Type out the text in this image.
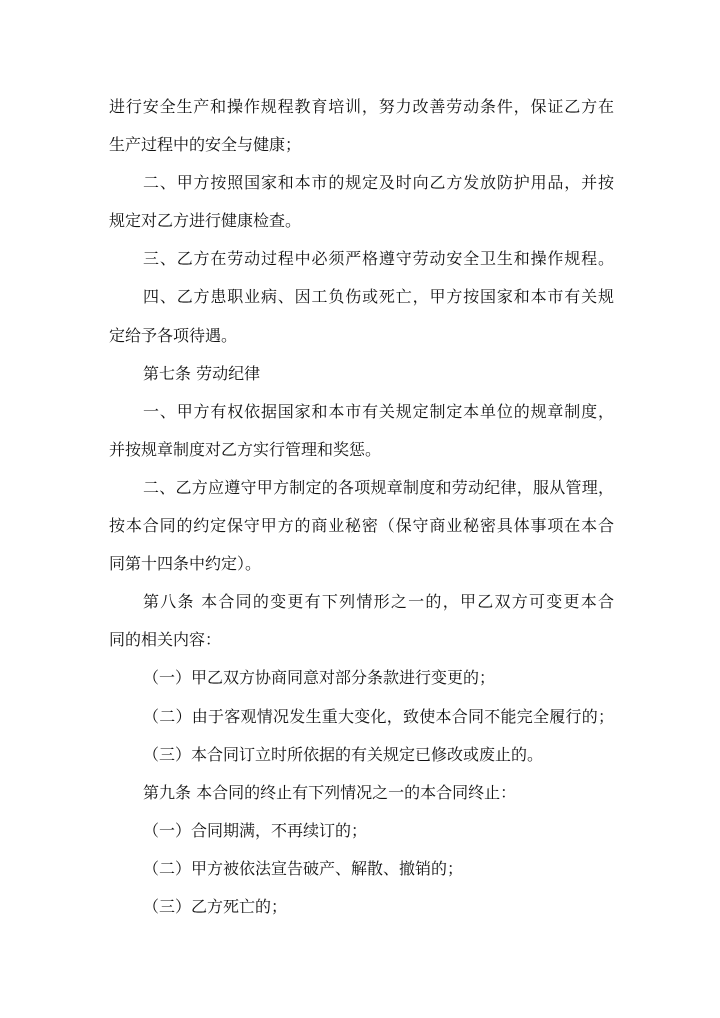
进行安全生产和操作规程教育培训，努力改善劳动条件，保证乙方在
生产过程中的安全与健康；
二、甲方按照国家和本市的规定及时向乙方发放防护用品，并按
规定对乙方进行健康检查。
三、乙方在劳动过程中必须严格遵守劳动安全卫生和操作规程。
四、乙方患职业病、因工负伤或死亡，甲方按国家和本市有关规
定给予各项待遇。
第七条 劳动纪律
一、甲方有权依据国家和本市有关规定制定本单位的规章制度，
并按规章制度对乙方实行管理和奖惩。
二、乙方应遵守甲方制定的各项规章制度和劳动纪律，服从管理，
按本合同的约定保守甲方的商业秘密（保守商业秘密具体事项在本合
同第十四条中约定）。
第八条 本合同的变更有下列情形之一的，甲乙双方可变更本合
同的相关内容：
（一）甲乙双方协商同意对部分条款进行变更的；
（二）由于客观情况发生重大变化，致使本合同不能完全履行的；
（三）本合同订立时所依据的有关规定已修改或废止的。
第九条 本合同的终止有下列情况之一的本合同终止：
（一）合同期满，不再续订的；
（二）甲方被依法宣告破产、解散、撤销的；
（三）乙方死亡的；
